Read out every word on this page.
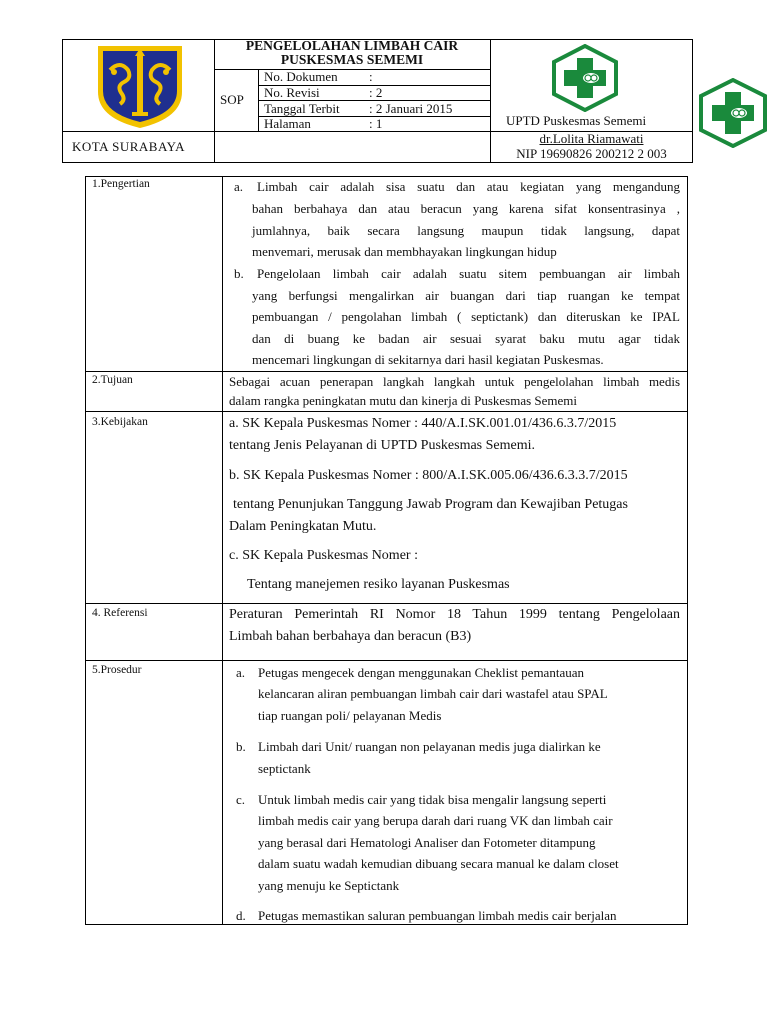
PENGELOLAHAN LIMBAH CAIR
PUSKESMAS SEMEMI
SOP
No. Dokumen :
No. Revisi	: 2
Tanggal Terbit : 2 Januari 2015
Halaman	: 1
KOTA SURABAYA
UPTD Puskesmas Sememi
dr.Lolita Riamawati
NIP 19690826 200212 2 003
1.Pengertian	a. Limbah cair adalah sisa suatu dan atau kegiatan yang mengandung
bahan berbahaya dan atau beracun yang karena sifat konsentrasinya ,
jumlahnya, baik secara langsung maupun tidak langsung, dapat
menvemari, merusak dan membhayakan lingkungan hidup
b. Pengelolaan limbah cair adalah suatu sitem pembuangan air limbah
yang berfungsi mengalirkan air buangan dari tiap ruangan ke tempat
pembuangan / pengolahan limbah ( septictank) dan diteruskan ke IPAL
dan di buang ke badan air sesuai syarat baku mutu agar tidak
mencemari lingkungan di sekitarnya dari hasil kegiatan Puskesmas.
2.Tujuan	Sebagai acuan penerapan langkah langkah untuk pengelolahan limbah medis
dalam rangka peningkatan mutu dan kinerja di Puskesmas Sememi
3.Kebijakan	a. SK Kepala Puskesmas Nomer : 440/A.I.SK.001.01/436.6.3.7/2015
tentang Jenis Pelayanan di UPTD Puskesmas Sememi.
b. SK Kepala Puskesmas Nomer : 800/A.I.SK.005.06/436.6.3.3.7/2015
tentang Penunjukan Tanggung Jawab Program dan Kewajiban Petugas
Dalam Peningkatan Mutu.
c. SK Kepala Puskesmas Nomer :
Tentang manejemen resiko layanan Puskesmas
4. Referensi	Peraturan Pemerintah RI Nomor 18 Tahun 1999 tentang Pengelolaan
Limbah bahan berbahaya dan beracun (B3)
5.Prosedur	a. Petugas mengecek dengan menggunakan Cheklist pemantauan
kelancaran aliran pembuangan limbah cair dari wastafel atau SPAL
tiap ruangan poli/ pelayanan Medis
b. Limbah dari Unit/ ruangan non pelayanan medis juga dialirkan ke
septictank
c. Untuk limbah medis cair yang tidak bisa mengalir langsung seperti
limbah medis cair yang berupa darah dari ruang VK dan limbah cair
yang berasal dari Hematologi Analiser dan Fotometer ditampung
dalam suatu wadah kemudian dibuang secara manual ke dalam closet
yang menuju ke Septictank
d. Petugas memastikan saluran pembuangan limbah medis cair berjalan
